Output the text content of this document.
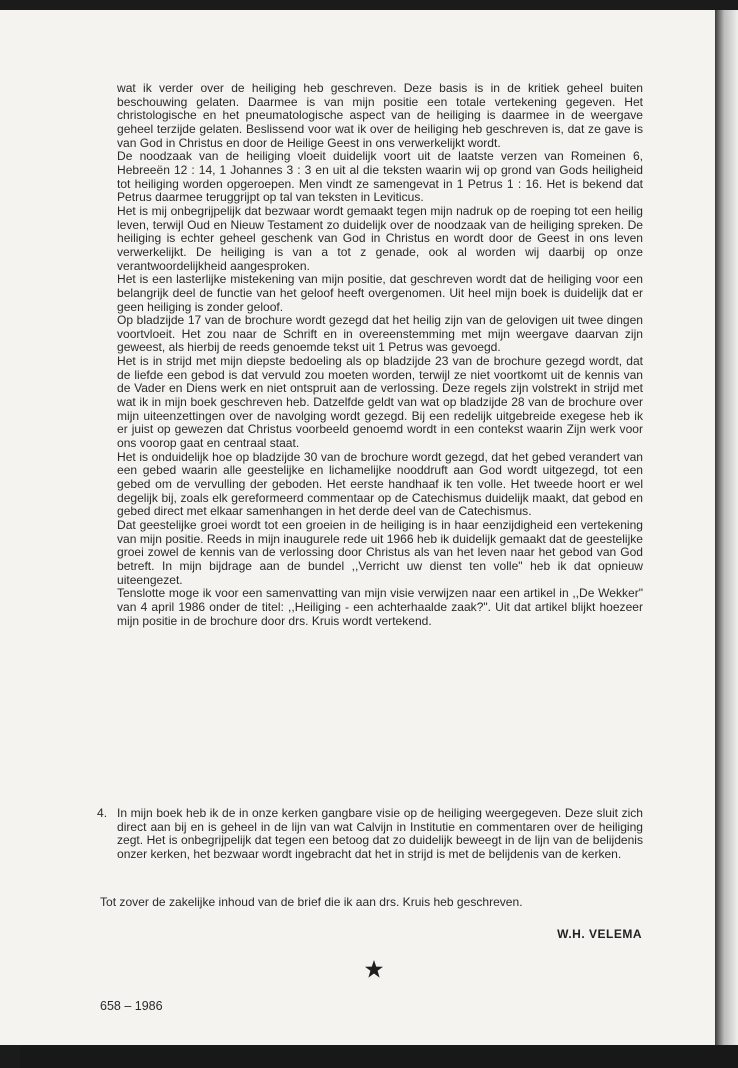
wat ik verder over de heiliging heb geschreven. Deze basis is in de kritiek geheel buiten beschouwing gelaten. Daarmee is van mijn positie een totale vertekening gegeven. Het christologische en het pneumatologische aspect van de heiliging is daarmee in de weergave geheel terzijde gelaten. Beslissend voor wat ik over de heiliging heb geschreven is, dat ze gave is van God in Christus en door de Heilige Geest in ons verwerkelijkt wordt.

De noodzaak van de heiliging vloeit duidelijk voort uit de laatste verzen van Romeinen 6, Hebreeën 12 : 14, 1 Johannes 3 : 3 en uit al die teksten waarin wij op grond van Gods heiligheid tot heiliging worden opgeroepen. Men vindt ze samengevat in 1 Petrus 1 : 16. Het is bekend dat Petrus daarmee teruggrijpt op tal van teksten in Leviticus.

Het is mij onbegrijpelijk dat bezwaar wordt gemaakt tegen mijn nadruk op de roeping tot een heilig leven, terwijl Oud en Nieuw Testament zo duidelijk over de noodzaak van de heiliging spreken. De heiliging is echter geheel geschenk van God in Christus en wordt door de Geest in ons leven verwerkelijkt. De heiliging is van a tot z genade, ook al worden wij daarbij op onze verantwoordelijkheid aangesproken.

Het is een lasterlijke mistekening van mijn positie, dat geschreven wordt dat de heiliging voor een belangrijk deel de functie van het geloof heeft overgenomen. Uit heel mijn boek is duidelijk dat er geen heiliging is zonder geloof.

Op bladzijde 17 van de brochure wordt gezegd dat het heilig zijn van de gelovigen uit twee dingen voortvloeit. Het zou naar de Schrift en in overeenstemming met mijn weergave daarvan zijn geweest, als hierbij de reeds genoemde tekst uit 1 Petrus was gevoegd.

Het is in strijd met mijn diepste bedoeling als op bladzijde 23 van de brochure gezegd wordt, dat de liefde een gebod is dat vervuld zou moeten worden, terwijl ze niet voortkomt uit de kennis van de Vader en Diens werk en niet ontspruit aan de verlossing. Deze regels zijn volstrekt in strijd met wat ik in mijn boek geschreven heb. Datzelfde geldt van wat op bladzijde 28 van de brochure over mijn uiteenzettingen over de navolging wordt gezegd. Bij een redelijk uitgebreide exegese heb ik er juist op gewezen dat Christus voorbeeld genoemd wordt in een contekst waarin Zijn werk voor ons voorop gaat en centraal staat.

Het is onduidelijk hoe op bladzijde 30 van de brochure wordt gezegd, dat het gebed verandert van een gebed waarin alle geestelijke en lichamelijke nooddruft aan God wordt uitgezegd, tot een gebed om de vervulling der geboden. Het eerste handhaaf ik ten volle. Het tweede hoort er wel degelijk bij, zoals elk gereformeerd commentaar op de Catechismus duidelijk maakt, dat gebod en gebed direct met elkaar samenhangen in het derde deel van de Catechismus.

Dat geestelijke groei wordt tot een groeien in de heiliging is in haar eenzijdigheid een vertekening van mijn positie. Reeds in mijn inaugurele rede uit 1966 heb ik duidelijk gemaakt dat de geestelijke groei zowel de kennis van de verlossing door Christus als van het leven naar het gebod van God betreft. In mijn bijdrage aan de bundel ,,Verricht uw dienst ten volle" heb ik dat opnieuw uiteengezet.

Tenslotte moge ik voor een samenvatting van mijn visie verwijzen naar een artikel in ,,De Wekker" van 4 april 1986 onder de titel: ,,Heiliging - een achterhaalde zaak?". Uit dat artikel blijkt hoezeer mijn positie in de brochure door drs. Kruis wordt vertekend.

4. In mijn boek heb ik de in onze kerken gangbare visie op de heiliging weergegeven. Deze sluit zich direct aan bij en is geheel in de lijn van wat Calvijn in Institutie en commentaren over de heiliging zegt. Het is onbegrijpelijk dat tegen een betoog dat zo duidelijk beweegt in de lijn van de belijdenis onzer kerken, het bezwaar wordt ingebracht dat het in strijd is met de belijdenis van de kerken.
Tot zover de zakelijke inhoud van de brief die ik aan drs. Kruis heb geschreven.
W.H. VELEMA
658 – 1986
